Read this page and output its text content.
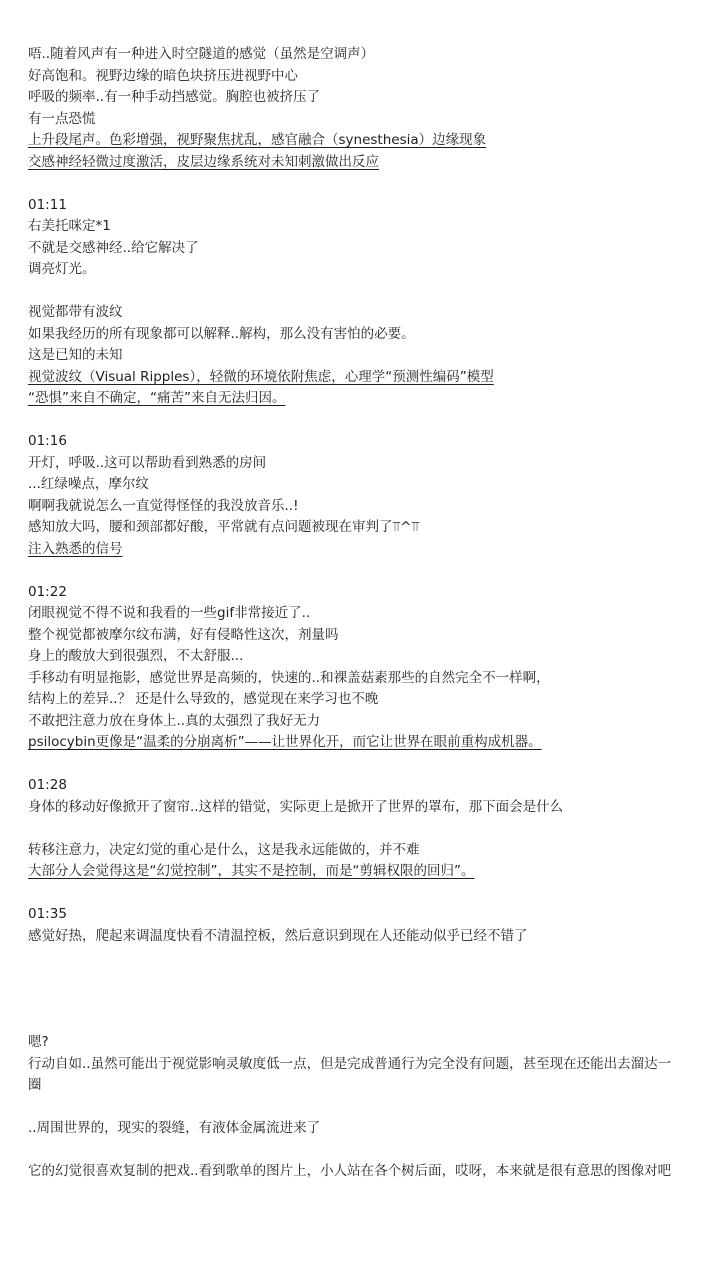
唔..随着风声有一种进入时空隧道的感觉（虽然是空调声）
好高饱和。视野边缘的暗色块挤压进视野中心
呼吸的频率..有一种手动挡感觉。胸腔也被挤压了
有一点恐慌
上升段尾声。色彩增强，视野聚焦扰乱，感官融合（synesthesia）边缘现象
交感神经轻微过度激活，皮层边缘系统对未知刺激做出反应
01:11
右美托咪定*1
不就是交感神经..给它解决了
调亮灯光。
视觉都带有波纹
如果我经历的所有现象都可以解释..解构，那么没有害怕的必要。
这是已知的未知
视觉波纹（Visual Ripples），轻微的环境依附焦虑，心理学“预测性编码”模型
“恐惧”来自不确定，“痛苦”来自无法归因。
01:16
开灯，呼吸..这可以帮助看到熟悉的房间
...红绿噪点，摩尔纹
啊啊我就说怎么一直觉得怪怪的我没放音乐..!
感知放大吗，腰和颈部都好酸，平常就有点问题被现在审判了⫪^⫪
注入熟悉的信号
01:22
闭眼视觉不得不说和我看的一些gif非常接近了..
整个视觉都被摩尔纹布满，好有侵略性这次，剂量吗
身上的酸放大到很强烈，不太舒服...
手移动有明显拖影，感觉世界是高频的，快速的..和裸盖菇素那些的自然完全不一样啊，
结构上的差异..？ 还是什么导致的，感觉现在来学习也不晚
不敢把注意力放在身体上..真的太强烈了我好无力
psilocybin更像是“温柔的分崩离析”——让世界化开，而它让世界在眼前重构成机器。
01:28
身体的移动好像掀开了窗帘..这样的错觉，实际更上是掀开了世界的罩布，那下面会是什么
转移注意力，决定幻觉的重心是什么，这是我永远能做的，并不难
大部分人会觉得这是“幻觉控制”，其实不是控制，而是“剪辑权限的回归”。
01:35
感觉好热，爬起来调温度快看不清温控板，然后意识到现在人还能动似乎已经不错了
嗯?
行动自如..虽然可能出于视觉影响灵敏度低一点，但是完成普通行为完全没有问题，甚至现在还能出去溜达一圈
..周围世界的，现实的裂缝，有液体金属流进来了
它的幻觉很喜欢复制的把戏..看到歌单的图片上，小人站在各个树后面，哎呀，本来就是很有意思的图像对吧
